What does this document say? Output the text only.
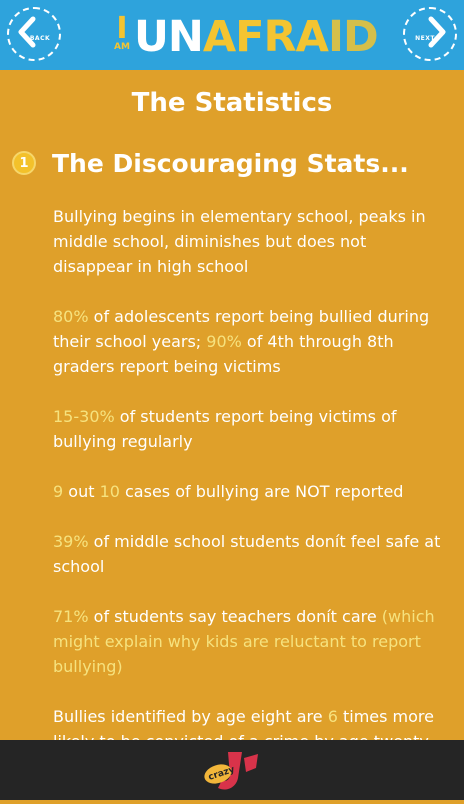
BACK	I
AM UNAFRAID	NEXT
The Statistics
1 The Discouraging Stats...

Bullying begins in elementary school, peaks in middle school, diminishes but does not disappear in high school

80% of adolescents report being bullied during their school years; 90% of 4th through 8th graders report being victims

15-30% of students report being victims of bullying regularly

9 out 10 cases of bullying are NOT reported

39% of middle school students donít feel safe at school

71% of students say teachers donít care (which might explain why kids are reluctant to report bullying)

Bullies identified by age eight are 6 times more

crazy
